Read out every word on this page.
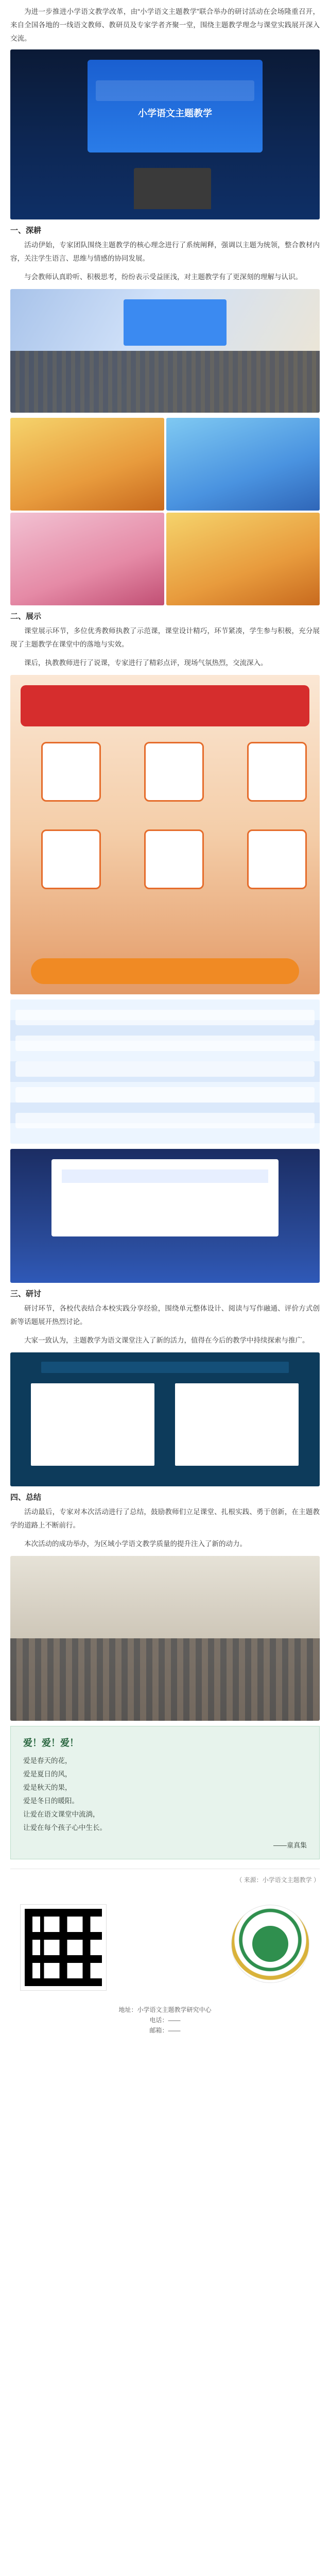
为进一步推进小学语文教学改革，由“小学语文主题教学”联合举办的研讨活动在会场隆重召开，来自全国各地的一线语文教师、教研员及专家学者齐聚一堂，围绕主题教学理念与课堂实践展开深入交流。

小学语文主题教学
一、深耕

活动伊始，专家团队围绕主题教学的核心理念进行了系统阐释，强调以主题为统领，整合教材内容，关注学生语言、思维与情感的协同发展。

与会教师认真聆听、积极思考，纷纷表示受益匪浅，对主题教学有了更深刻的理解与认识。

二、展示

课堂展示环节，多位优秀教师执教了示范课，课堂设计精巧，环节紧凑，学生参与积极，充分展现了主题教学在课堂中的落地与实效。

课后，执教教师进行了说课，专家进行了精彩点评，现场气氛热烈，交流深入。

三、研讨

研讨环节，各校代表结合本校实践分享经验，围绕单元整体设计、阅读与写作融通、评价方式创新等话题展开热烈讨论。

大家一致认为，主题教学为语文课堂注入了新的活力，值得在今后的教学中持续探索与推广。

四、总结

活动最后，专家对本次活动进行了总结，鼓励教师们立足课堂、扎根实践、勇于创新，在主题教学的道路上不断前行。

本次活动的成功举办，为区域小学语文教学质量的提升注入了新的动力。

爱！爱！爱！
爱是春天的花，
爱是夏日的风，
爱是秋天的果，
爱是冬日的暖阳。
让爱在语文课堂中流淌，
让爱在每个孩子心中生长。
——童真集
（ 来源：小学语文主题教学 ）
地址：小学语文主题教学研究中心
电话：——
邮箱：——
